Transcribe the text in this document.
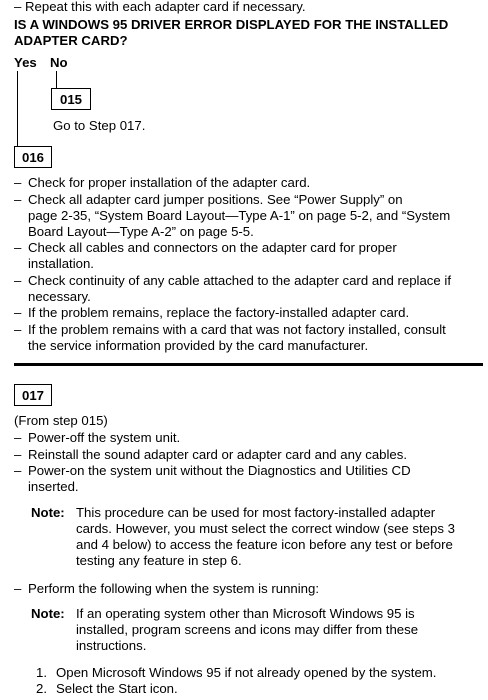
– Repeat this with each adapter card if necessary.
IS A WINDOWS 95 DRIVER ERROR DISPLAYED FOR THE INSTALLED
ADAPTER CARD?
Yes No
015
Go to Step 017.
016
– Check for proper installation of the adapter card.
– Check all adapter card jumper positions. See “Power Supply” on
page 2-35, “System Board Layout—Type A-1” on page 5-2, and “System
Board Layout—Type A-2” on page 5-5.
– Check all cables and connectors on the adapter card for proper
installation.
– Check continuity of any cable attached to the adapter card and replace if
necessary.
– If the problem remains, replace the factory-installed adapter card.
– If the problem remains with a card that was not factory installed, consult
the service information provided by the card manufacturer.
017
(From step 015)
– Power-off the system unit.
– Reinstall the sound adapter card or adapter card and any cables.
– Power-on the system unit without the Diagnostics and Utilities CD
inserted.
Note: This procedure can be used for most factory-installed adapter
cards. However, you must select the correct window (see steps 3
and 4 below) to access the feature icon before any test or before
testing any feature in step 6.
– Perform the following when the system is running:
Note: If an operating system other than Microsoft Windows 95 is
installed, program screens and icons may differ from these
instructions.
1. Open Microsoft Windows 95 if not already opened by the system.
2. Select the Start icon.
